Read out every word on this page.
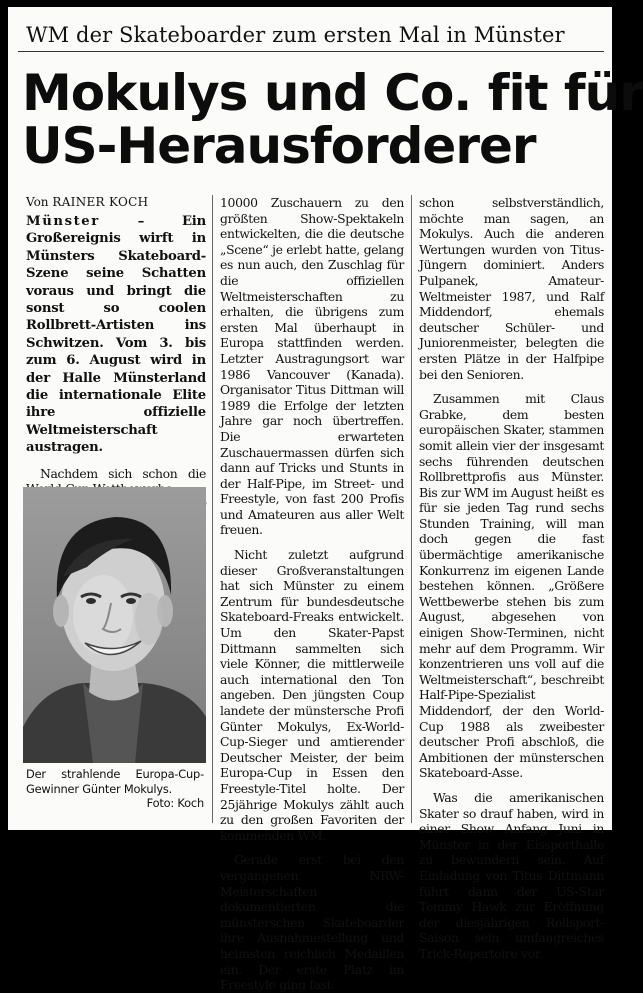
WM der Skateboarder zum ersten Mal in Münster
Mokulys und Co. fit für
US-Herausforderer
Von RAINER KOCH
Münster – Ein Großereignis wirft in Münsters Skateboard-Szene seine Schatten voraus und bringt die sonst so coolen Rollbrett-Artisten ins Schwitzen. Vom 3. bis zum 6. August wird in der Halle Münsterland die internationale Elite ihre offizielle Weltmeisterschaft austragen.

Nachdem sich schon die

Der strahlende Europa-Cup-Gewinner Günter Mokulys.
Foto: Koch

10000 Zuschauern zu den größten Show-Spektakeln entwickelten, die die deutsche „Scene“ je erlebt hatte, gelang es nun auch, den Zuschlag für die offiziellen Weltmeisterschaften zu erhalten, die übrigens zum ersten Mal überhaupt in Europa stattfinden werden. Letzter Austragungsort war 1986 Vancouver (Kanada). Organisator Titus Dittman will 1989 die Erfolge der letzten Jahre gar noch übertreffen. Die erwarteten Zuschauermassen dürfen sich dann auf Tricks und Stunts in der Half-Pipe, im Street- und Freestyle, von fast 200 Profis und Amateuren aus aller Welt freuen.

Nicht zuletzt aufgrund dieser Großveranstaltungen hat sich Münster zu einem Zentrum für bundesdeutsche Skateboard-Freaks entwickelt. Um den Skater-Papst Dittmann sammelten sich viele Könner, die mittlerweile auch international den Ton angeben. Den jüngsten Coup landete der münstersche Profi Günter Mokulys, Ex-World-Cup-Sieger und amtierender Deutscher Meister, der beim Europa-Cup in Essen den Freestyle-Titel holte. Der 25jährige Mokulys zählt auch zu den großen Favoriten der kommenden WM.

Gerade erst bei den vergangenen NRW-Meisterschaften dokumentierten die münsterschen Skateboarder ihre Ausnahmestellung und heimsten reichlich Medaillen ein. Der erste Platz im Freestyle ging fast

schon selbstverständlich, möchte man sagen, an Mokulys. Auch die anderen Wertungen wurden von Titus-Jüngern dominiert. Anders Pulpanek, Amateur-Weltmeister 1987, und Ralf Middendorf, ehemals deutscher Schüler- und Juniorenmeister, belegten die ersten Plätze in der Halfpipe bei den Senioren.

Zusammen mit Claus Grabke, dem besten europäischen Skater, stammen somit allein vier der insgesamt sechs führenden deutschen Rollbrettprofis aus Münster. Bis zur WM im August heißt es für sie jeden Tag rund sechs Stunden Training, will man doch gegen die fast übermächtige amerikanische Konkurrenz im eigenen Lande bestehen können. „Größere Wettbewerbe stehen bis zum August, abgesehen von einigen Show-Terminen, nicht mehr auf dem Programm. Wir konzentrieren uns voll auf die Weltmeisterschaft“, beschreibt Half-Pipe-Spezialist Middendorf, der den World-Cup 1988 als zweibester deutscher Profi abschloß, die Ambitionen der münsterschen Skateboard-Asse.

Was die amerikanischen Skater so drauf haben, wird in einer Show Anfang Juni in Münster in der Eissporthalle zu bewundern sein. Auf Einladung von Titus Dittmann führt dann der US-Star Tommy Hawk zur Eröffnung der diesjährigen Rollsport-Saison sein umfangreiches Trick-Repertoire vor.
